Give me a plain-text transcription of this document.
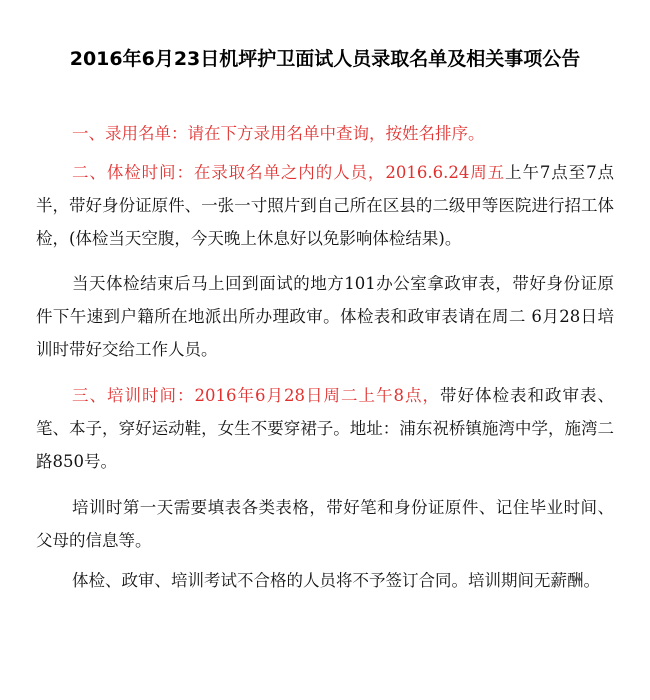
2016年6月23日机坪护卫面试人员录取名单及相关事项公告

一、录用名单：请在下方录用名单中查询，按姓名排序。

二、体检时间：在录取名单之内的人员，2016.6.24周五上午7点至7点半，带好身份证原件、一张一寸照片到自己所在区县的二级甲等医院进行招工体检，(体检当天空腹，今天晚上休息好以免影响体检结果)。

当天体检结束后马上回到面试的地方101办公室拿政审表，带好身份证原件下午速到户籍所在地派出所办理政审。体检表和政审表请在周二 6月28日培训时带好交给工作人员。

三、培训时间：2016年6月28日周二上午8点，带好体检表和政审表、笔、本子，穿好运动鞋，女生不要穿裙子。地址：浦东祝桥镇施湾中学，施湾二路850号。

培训时第一天需要填表各类表格，带好笔和身份证原件、记住毕业时间、父母的信息等。

体检、政审、培训考试不合格的人员将不予签订合同。培训期间无薪酬。
